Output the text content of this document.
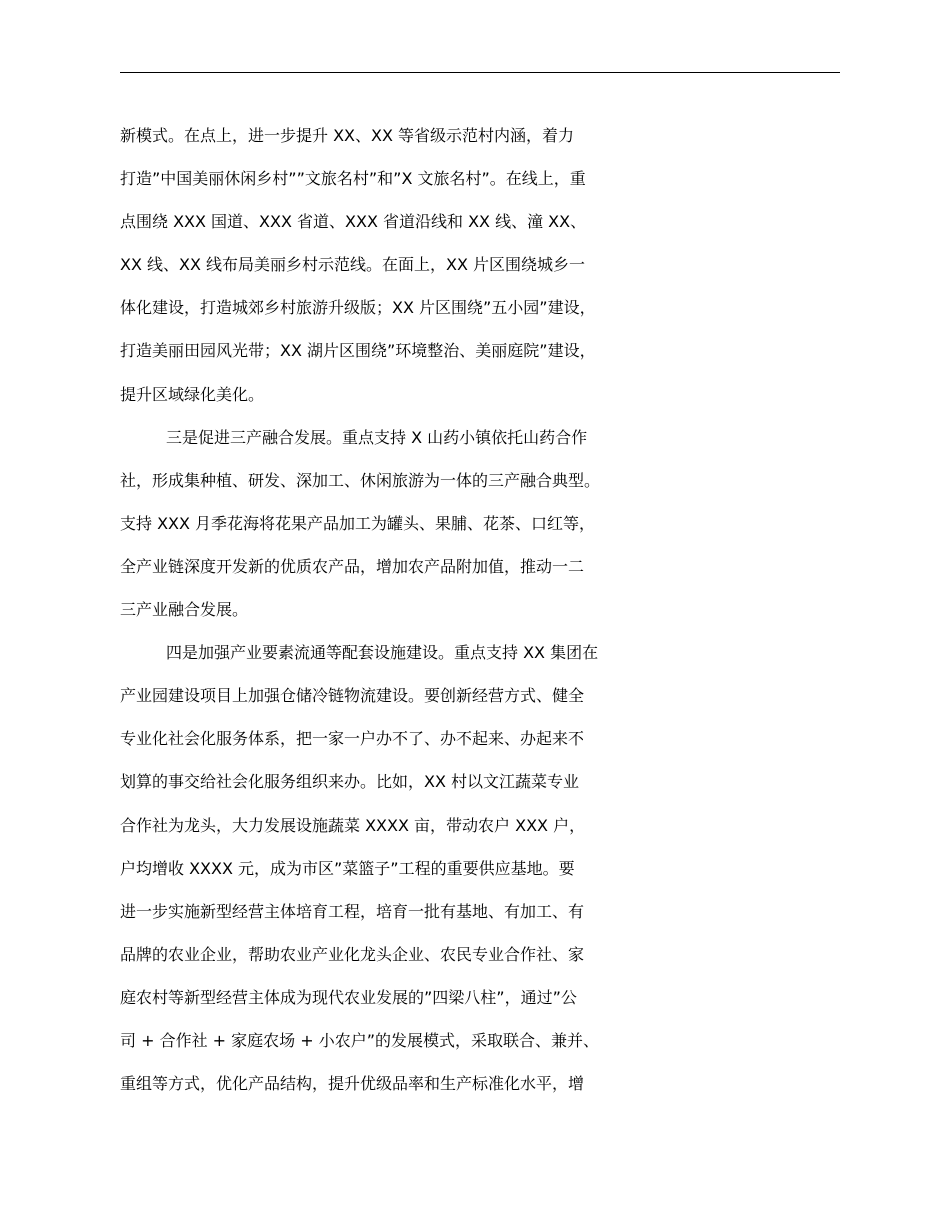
新模式。在点上，进一步提升 XX、XX 等省级示范村内涵，着力
打造”中国美丽休闲乡村””文旅名村”和”X 文旅名村”。在线上，重
点围绕 XXX 国道、XXX 省道、XXX 省道沿线和 XX 线、潼 XX、
XX 线、XX 线布局美丽乡村示范线。在面上，XX 片区围绕城乡一
体化建设，打造城郊乡村旅游升级版；XX 片区围绕”五小园”建设，
打造美丽田园风光带；XX 湖片区围绕”环境整治、美丽庭院”建设，
提升区域绿化美化。
三是促进三产融合发展。重点支持 X 山药小镇依托山药合作
社，形成集种植、研发、深加工、休闲旅游为一体的三产融合典型。
支持 XXX 月季花海将花果产品加工为罐头、果脯、花茶、口红等，
全产业链深度开发新的优质农产品，增加农产品附加值，推动一二
三产业融合发展。
四是加强产业要素流通等配套设施建设。重点支持 XX 集团在
产业园建设项目上加强仓储冷链物流建设。要创新经营方式、健全
专业化社会化服务体系，把一家一户办不了、办不起来、办起来不
划算的事交给社会化服务组织来办。比如，XX 村以文江蔬菜专业
合作社为龙头，大力发展设施蔬菜 XXXX 亩，带动农户 XXX 户，
户均增收 XXXX 元，成为市区”菜篮子”工程的重要供应基地。要
进一步实施新型经营主体培育工程，培育一批有基地、有加工、有
品牌的农业企业，帮助农业产业化龙头企业、农民专业合作社、家
庭农村等新型经营主体成为现代农业发展的”四梁八柱”，通过”公
司 + 合作社 + 家庭农场 + 小农户”的发展模式，采取联合、兼并、
重组等方式，优化产品结构，提升优级品率和生产标准化水平，增
